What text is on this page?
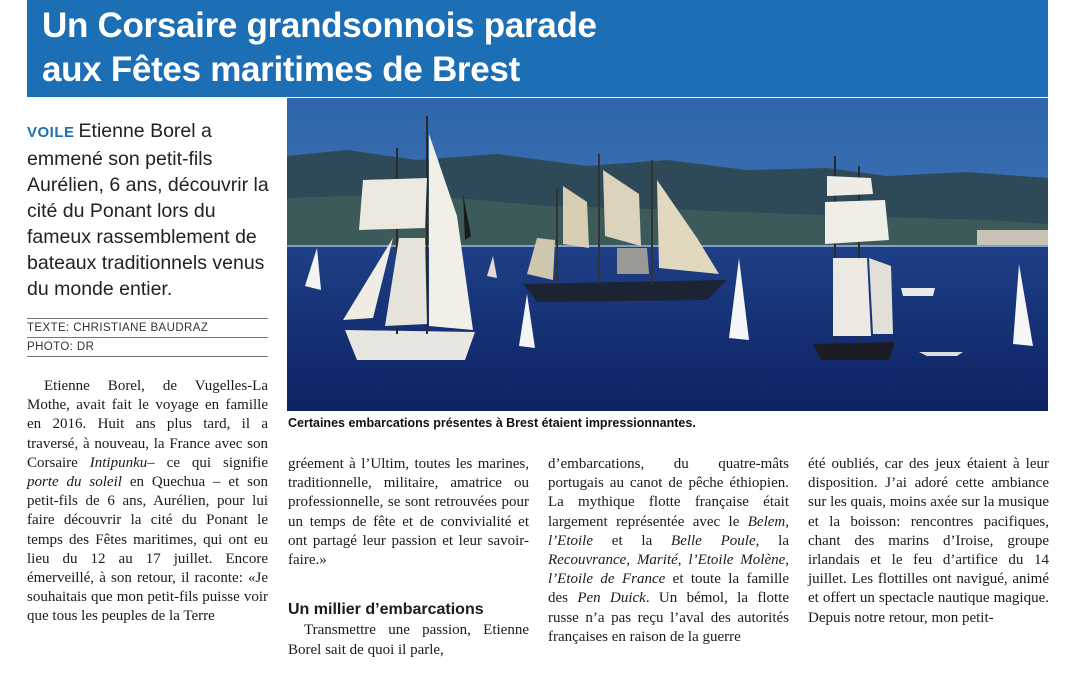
Un Corsaire grandsonnois parade
aux Fêtes maritimes de Brest

VOILE Etienne Borel a emmené son petit-fils Aurélien, 6 ans, découvrir la cité du Ponant lors du fameux rassemblement de bateaux traditionnels venus du monde entier.

TEXTE: CHRISTIANE BAUDRAZ
PHOTO: DR

Certaines embarcations présentes à Brest étaient impressionnantes.

Etienne Borel, de Vugelles-La Mothe, avait fait le voyage en famille en 2016. Huit ans plus tard, il a traversé, à nouveau, la France avec son Corsaire Intipunku– ce qui signifie porte du soleil en Quechua – et son petit-fils de 6 ans, Aurélien, pour lui faire découvrir la cité du Ponant le temps des Fêtes maritimes, qui ont eu lieu du 12 au 17 juillet. Encore émerveillé, à son retour, il raconte: «Je souhaitais que mon petit-fils puisse voir que tous les peuples de la Terre

gréement à l’Ultim, toutes les marines, traditionnelle, militaire, amatrice ou professionnelle, se sont retrouvées pour un temps de fête et de convivialité et ont partagé leur passion et leur savoir-faire.»

Un millier d’embarcations

Transmettre une passion, Etienne Borel sait de quoi il parle,

d’embarcations, du quatre-mâts portugais au canot de pêche éthiopien. La mythique flotte française était largement représentée avec le Belem, l’Etoile et la Belle Poule, la Recouvrance, Marité, l’Etoile Molène, l’Etoile de France et toute la famille des Pen Duick. Un bémol, la flotte russe n’a pas reçu l’aval des autorités françaises en raison de la guerre

été oubliés, car des jeux étaient à leur disposition. J’ai adoré cette ambiance sur les quais, moins axée sur la musique et la boisson: rencontres pacifiques, chant des marins d’Iroise, groupe irlandais et le feu d’artifice du 14 juillet. Les flottilles ont navigué, animé et offert un spectacle nautique magique. Depuis notre retour, mon petit-
